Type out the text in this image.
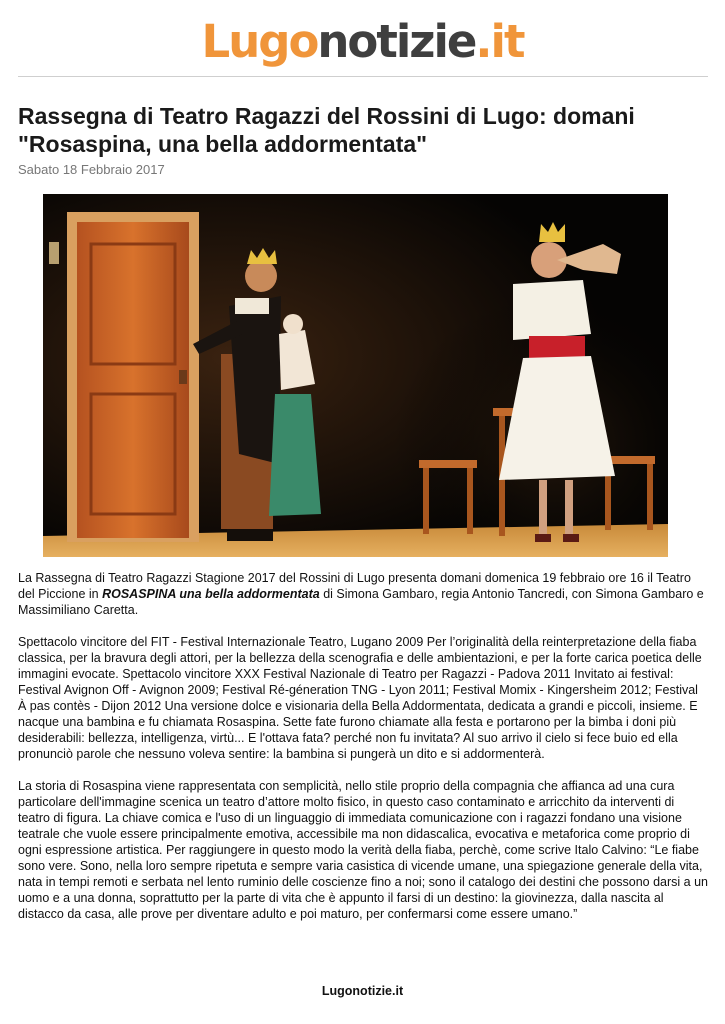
Lugonotizie.it
Rassegna di Teatro Ragazzi del Rossini di Lugo: domani "Rosaspina, una bella addormentata"
Sabato 18 Febbraio 2017

La Rassegna di Teatro Ragazzi Stagione 2017 del Rossini di Lugo presenta domani domenica 19 febbraio ore 16 il Teatro del Piccione in ROSASPINA una bella addormentata di Simona Gambaro, regia Antonio Tancredi, con Simona Gambaro e Massimiliano Caretta.

Spettacolo vincitore del FIT - Festival Internazionale Teatro, Lugano 2009 Per l’originalità della reinterpretazione della fiaba classica, per la bravura degli attori, per la bellezza della scenografia e delle ambientazioni, e per la forte carica poetica delle immagini evocate. Spettacolo vincitore XXX Festival Nazionale di Teatro per Ragazzi - Padova 2011 Invitato ai festival: Festival Avignon Off - Avignon 2009; Festival Ré-géneration TNG - Lyon 2011; Festival Momix - Kingersheim 2012; Festival À pas contès - Dijon 2012 Una versione dolce e visionaria della Bella Addormentata, dedicata a grandi e piccoli, insieme. E nacque una bambina e fu chiamata Rosaspina. Sette fate furono chiamate alla festa e portarono per la bimba i doni più desiderabili: bellezza, intelligenza, virtù... E l'ottava fata? perché non fu invitata? Al suo arrivo il cielo si fece buio ed ella pronunciò parole che nessuno voleva sentire: la bambina si pungerà un dito e si addormenterà.

La storia di Rosaspina viene rappresentata con semplicità, nello stile proprio della compagnia che affianca ad una cura particolare dell'immagine scenica un teatro d’attore molto fisico, in questo caso contaminato e arricchito da interventi di teatro di figura. La chiave comica e l'uso di un linguaggio di immediata comunicazione con i ragazzi fondano una visione teatrale che vuole essere principalmente emotiva, accessibile ma non didascalica, evocativa e metaforica come proprio di ogni espressione artistica. Per raggiungere in questo modo la verità della fiaba, perchè, come scrive Italo Calvino: “Le fiabe sono vere. Sono, nella loro sempre ripetuta e sempre varia casistica di vicende umane, una spiegazione generale della vita, nata in tempi remoti e serbata nel lento ruminio delle coscienze fino a noi; sono il catalogo dei destini che possono darsi a un uomo e a una donna, soprattutto per la parte di vita che è appunto il farsi di un destino: la giovinezza, dalla nascita al distacco da casa, alle prove per diventare adulto e poi maturo, per confermarsi come essere umano.”

Lugonotizie.it
